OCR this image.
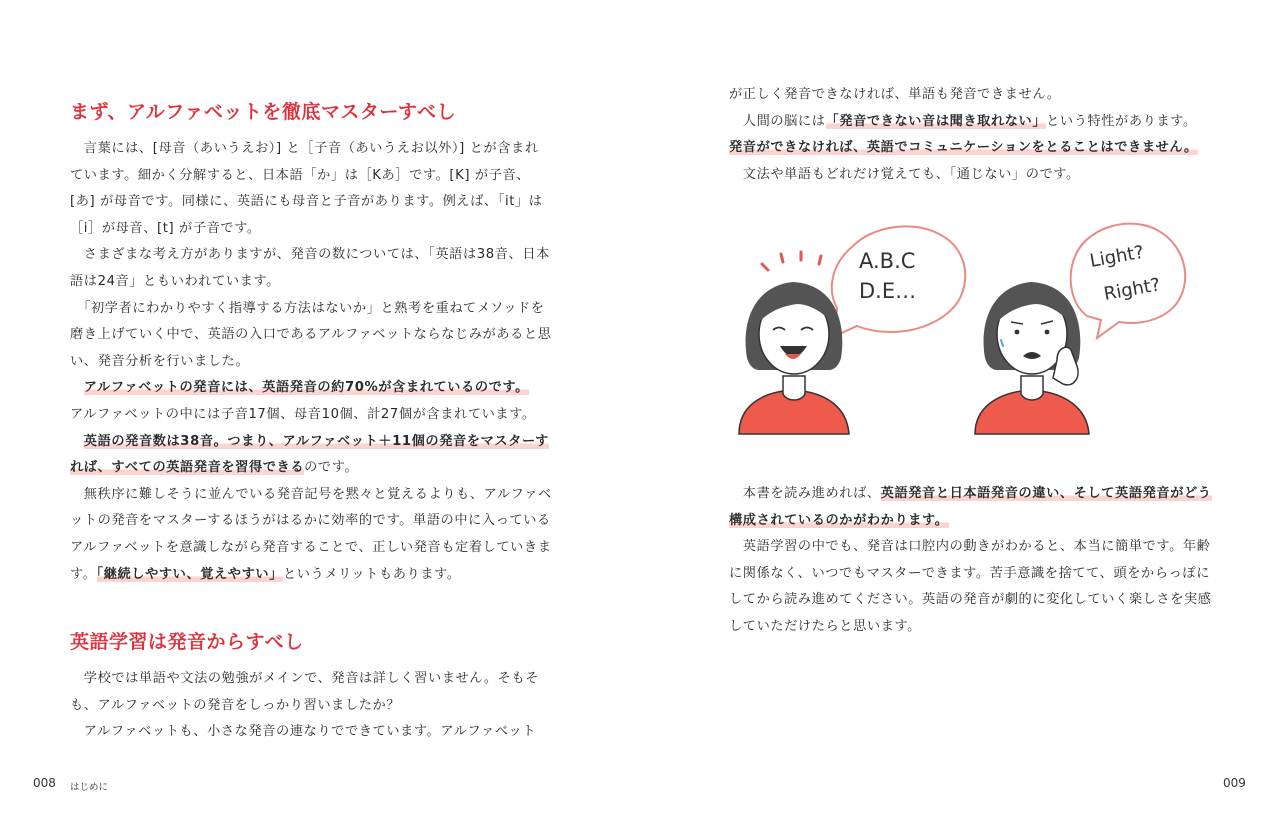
まず、アルファベットを徹底マスターすべし

　言葉には、[母音（あいうえお）] と［子音（あいうえお以外）] とが含まれています。細かく分解すると、日本語「か」は［Kあ］です。[K] が子音、[あ] が母音です。同様に、英語にも母音と子音があります。例えば、「it」は［i］が母音、[t] が子音です。

　さまざまな考え方がありますが、発音の数については、「英語は38音、日本語は24音」ともいわれています。

　「初学者にわかりやすく指導する方法はないか」と熟考を重ねてメソッドを磨き上げていく中で、英語の入口であるアルファベットならなじみがあると思い、発音分析を行いました。

　アルファベットの発音には、英語発音の約70%が含まれているのです。

アルファベットの中には子音17個、母音10個、計27個が含まれています。

　英語の発音数は38音。つまり、アルファベット＋11個の発音をマスターすれば、すべての英語発音を習得できるのです。

　無秩序に難しそうに並んでいる発音記号を黙々と覚えるよりも、アルファベットの発音をマスターするほうがはるかに効率的です。単語の中に入っているアルファベットを意識しながら発音することで、正しい発音も定着していきます。「継続しやすい、覚えやすい」というメリットもあります。

英語学習は発音からすべし

　学校では単語や文法の勉強がメインで、発音は詳しく習いません。そもそも、アルファベットの発音をしっかり習いましたか？

　アルファベットも、小さな発音の連なりでできています。アルファベット

008 はじめに

が正しく発音できなければ、単語も発音できません。

　人間の脳には「発音できない音は聞き取れない」という特性があります。

発音ができなければ、英語でコミュニケーションをとることはできません。

　文法や単語もどれだけ覚えても、「通じない」のです。

A.B.C
D.E…
Light?
Right?

　本書を読み進めれば、英語発音と日本語発音の違い、そして英語発音がどう構成されているのかがわかります。

　英語学習の中でも、発音は口腔内の動きがわかると、本当に簡単です。年齢に関係なく、いつでもマスターできます。苦手意識を捨てて、頭をからっぽにしてから読み進めてください。英語の発音が劇的に変化していく楽しさを実感していただけたらと思います。

009
